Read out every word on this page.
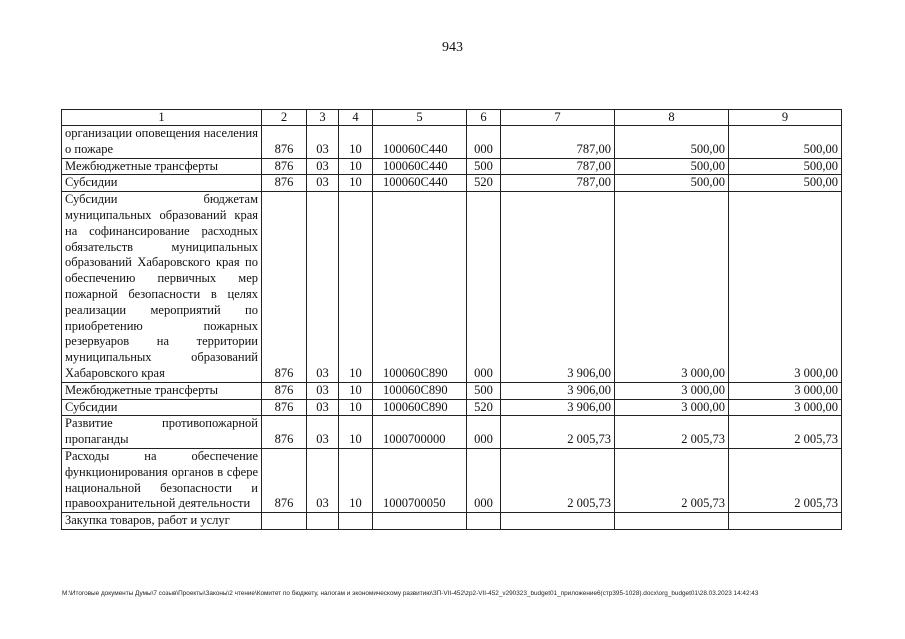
943
1	2	3	4	5	6	7	8	9
организации оповещения населения о пожаре	876	03	10	100060C440	000	787,00	500,00	500,00
Межбюджетные трансферты	876	03	10	100060C440	500	787,00	500,00	500,00
Субсидии	876	03	10	100060C440	520	787,00	500,00	500,00
Субсидии бюджетам муниципальных образований края на софинансирование расходных обязательств муниципальных образований Хабаровского края по обеспечению первичных мер пожарной безопасности в целях реализации мероприятий по приобретению пожарных резервуаров на территории муниципальных образований Хабаровского края	876	03	10	100060C890	000	3 906,00	3 000,00	3 000,00
Межбюджетные трансферты	876	03	10	100060C890	500	3 906,00	3 000,00	3 000,00
Субсидии	876	03	10	100060C890	520	3 906,00	3 000,00	3 000,00
Развитие противопожарной пропаганды	876	03	10	1000700000	000	2 005,73	2 005,73	2 005,73
Расходы на обеспечение функционирования органов в сфере национальной безопасности и правоохранительной деятельности	876	03	10	1000700050	000	2 005,73	2 005,73	2 005,73
Закупка товаров, работ и услуг								
М:\Итоговые документы Думы\7 созыв\Проекты\Законы\2 чтение\Комитет по бюджету, налогам и экономическому развитию\ЗП-VII-452\zp2-VII-452_v290323_budget01_приложение6(стр395-1028).docx\org_budget01\28.03.2023 14:42:43
